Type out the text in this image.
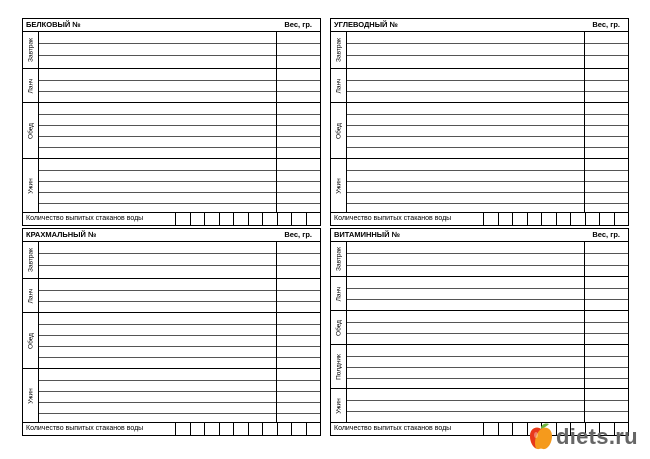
БЕЛКОВЫЙ №	Вес, гр.
Завтрак
Ланч
Обед
Ужин
Количество выпитых стаканов воды
УГЛЕВОДНЫЙ №	Вес, гр.
Завтрак
Ланч
Обед
Ужин
Количество выпитых стаканов воды
КРАХМАЛЬНЫЙ №	Вес, гр.
Завтрак
Ланч
Обед
Ужин
Количество выпитых стаканов воды
ВИТАМИННЫЙ №	Вес, гр.
Завтрак
Ланч
Обед
Полдник
Ужин
Количество выпитых стаканов воды	diets.ru
